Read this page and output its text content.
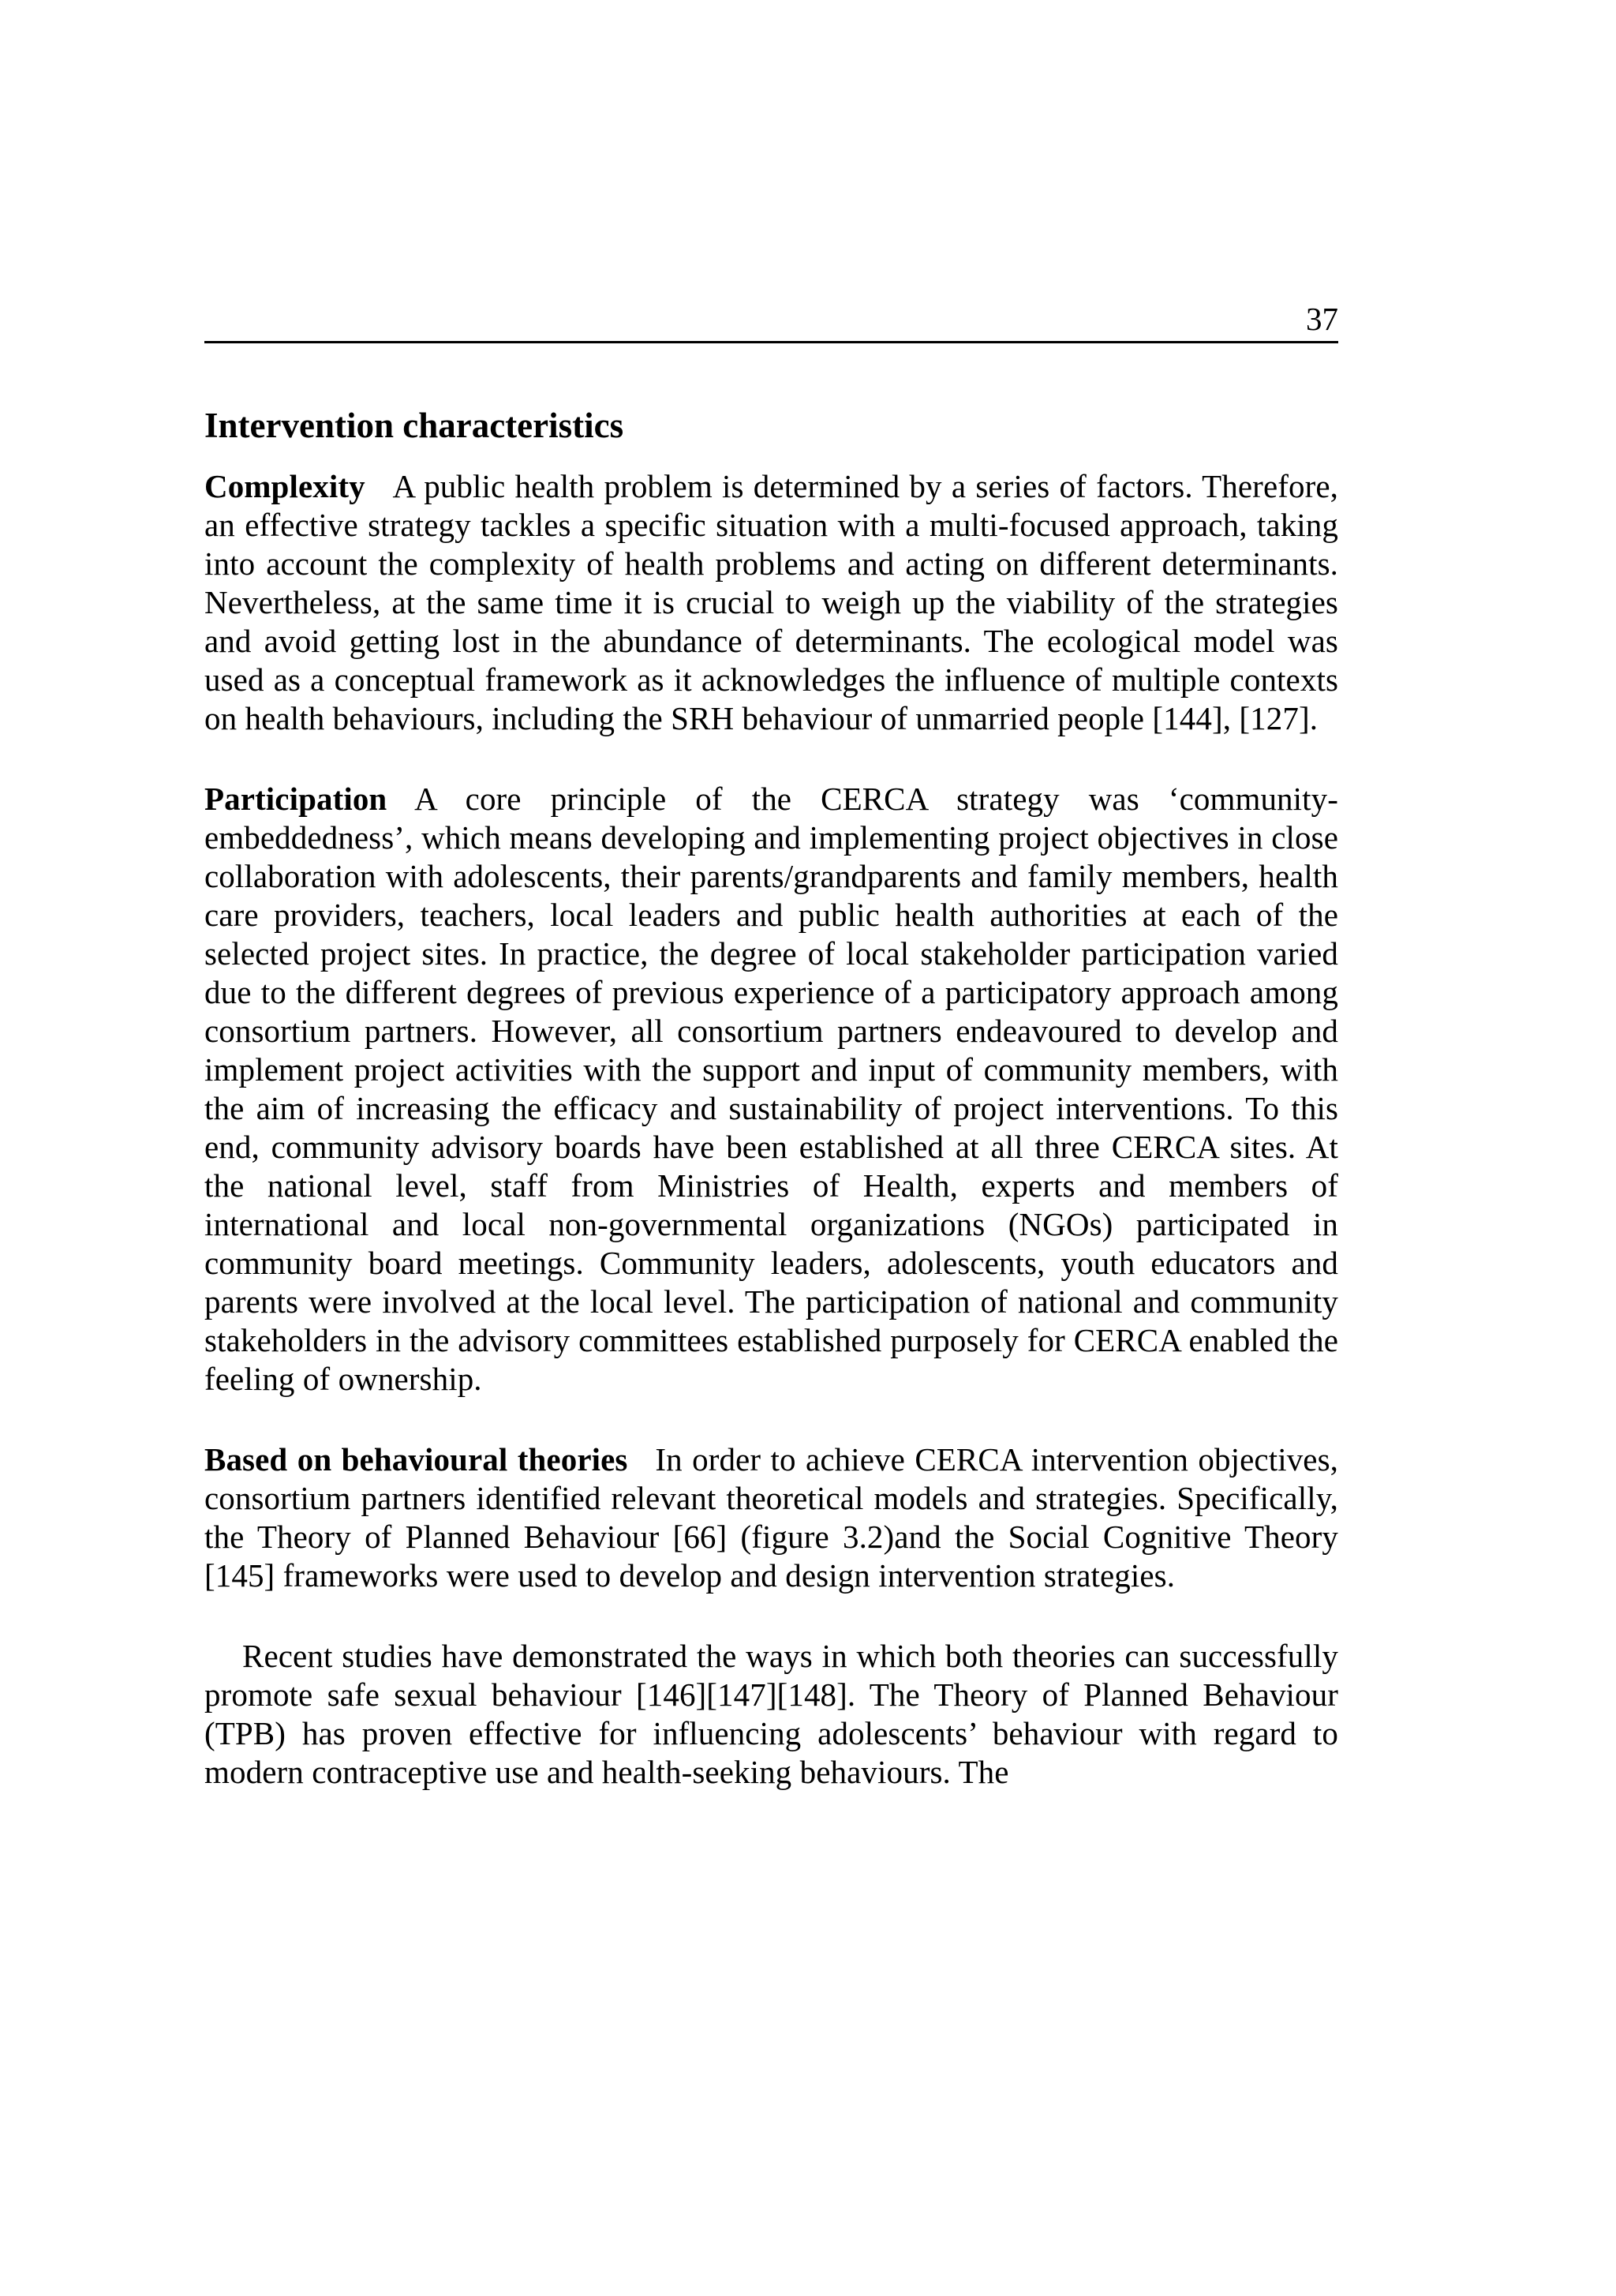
37
Intervention characteristics

Complexity A public health problem is determined by a series of factors. Therefore, an effective strategy tackles a specific situation with a multi-focused approach, taking into account the complexity of health problems and acting on different determinants. Nevertheless, at the same time it is crucial to weigh up the viability of the strategies and avoid getting lost in the abundance of determinants. The ecological model was used as a conceptual framework as it acknowledges the influence of multiple contexts on health behaviours, including the SRH behaviour of unmarried people [144], [127].

Participation A core principle of the CERCA strategy was ‘community-embeddedness’, which means developing and implementing project objectives in close collaboration with adolescents, their parents/grandparents and family members, health care providers, teachers, local leaders and public health authorities at each of the selected project sites. In practice, the degree of local stakeholder participation varied due to the different degrees of previous experience of a participatory approach among consortium partners. However, all consortium partners endeavoured to develop and implement project activities with the support and input of community members, with the aim of increasing the efficacy and sustainability of project interventions. To this end, community advisory boards have been established at all three CERCA sites. At the national level, staff from Ministries of Health, experts and members of international and local non-governmental organizations (NGOs) participated in community board meetings. Community leaders, adolescents, youth educators and parents were involved at the local level. The participation of national and community stakeholders in the advisory committees established purposely for CERCA enabled the feeling of ownership.

Based on behavioural theories In order to achieve CERCA intervention objectives, consortium partners identified relevant theoretical models and strategies. Specifically, the Theory of Planned Behaviour [66] (figure 3.2)and the Social Cognitive Theory [145] frameworks were used to develop and design intervention strategies.

Recent studies have demonstrated the ways in which both theories can successfully promote safe sexual behaviour [146][147][148]. The Theory of Planned Behaviour (TPB) has proven effective for influencing adolescents’ behaviour with regard to modern contraceptive use and health-seeking behaviours. The
